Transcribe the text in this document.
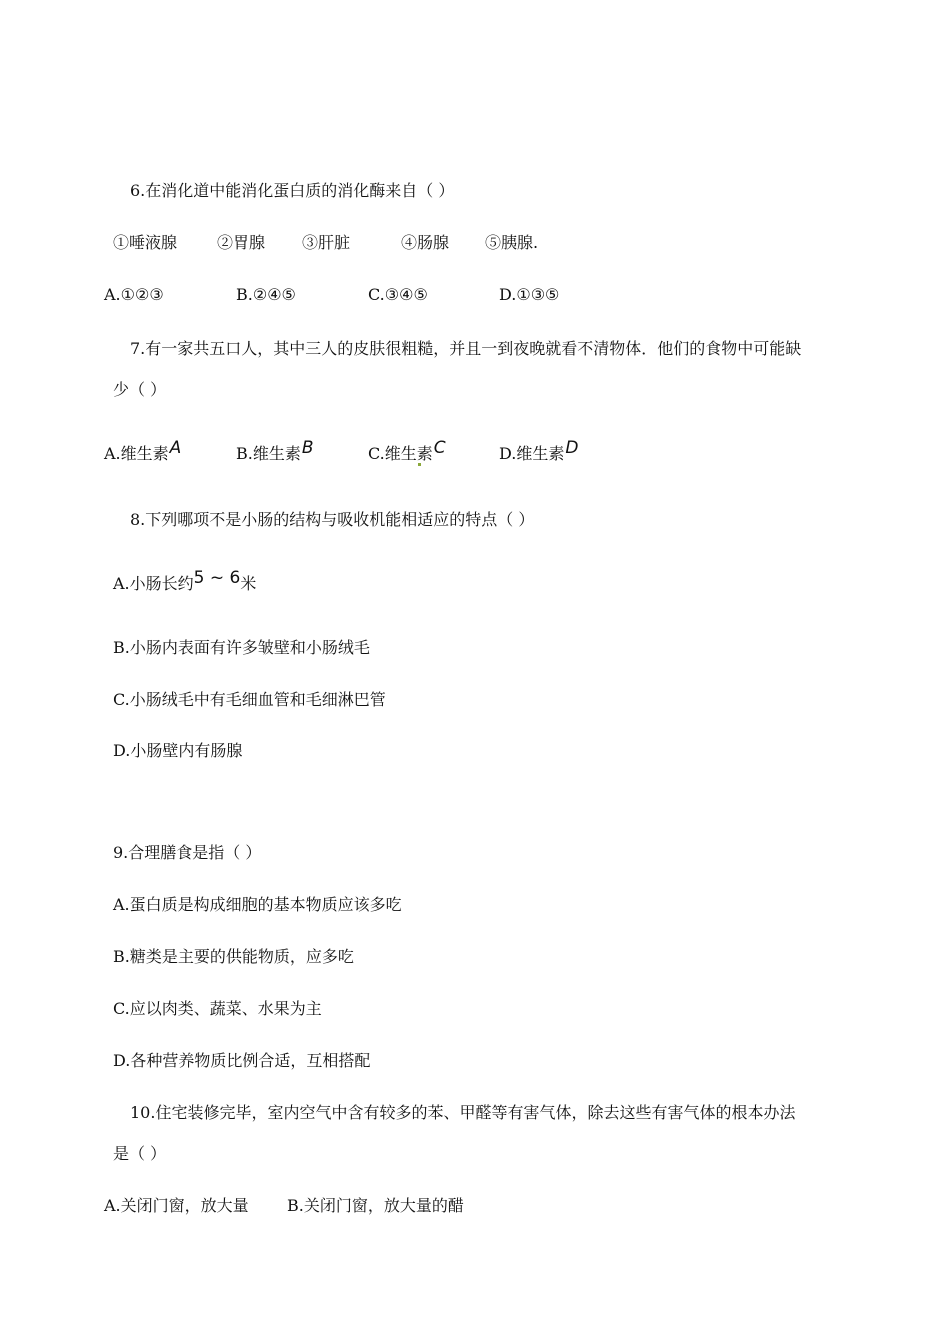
6.在消化道中能消化蛋白质的消化酶来自（ ）
①唾液腺 ②胃腺 ③肝脏	④肠腺 ⑤胰腺.
A.①②③	B.②④⑤	C.③④⑤	D.①③⑤
7.有一家共五口人，其中三人的皮肤很粗糙，并且一到夜晚就看不清物体．他们的食物中可能缺
少（ ）
A.维生素A	B.维生素B	C.维生素C	D.维生素D
8.下列哪项不是小肠的结构与吸收机能相适应的特点（ ）
A.小肠长约5 ~ 6米
B.小肠内表面有许多皱壁和小肠绒毛
C.小肠绒毛中有毛细血管和毛细淋巴管
D.小肠壁内有肠腺
9.合理膳食是指（ ）
A.蛋白质是构成细胞的基本物质应该多吃
B.糖类是主要的供能物质，应多吃
C.应以肉类、蔬菜、水果为主
D.各种营养物质比例合适，互相搭配
10.住宅装修完毕，室内空气中含有较多的苯、甲醛等有害气体，除去这些有害气体的根本办法
是（ ）
A.关闭门窗，放大量 B.关闭门窗，放大量的醋
